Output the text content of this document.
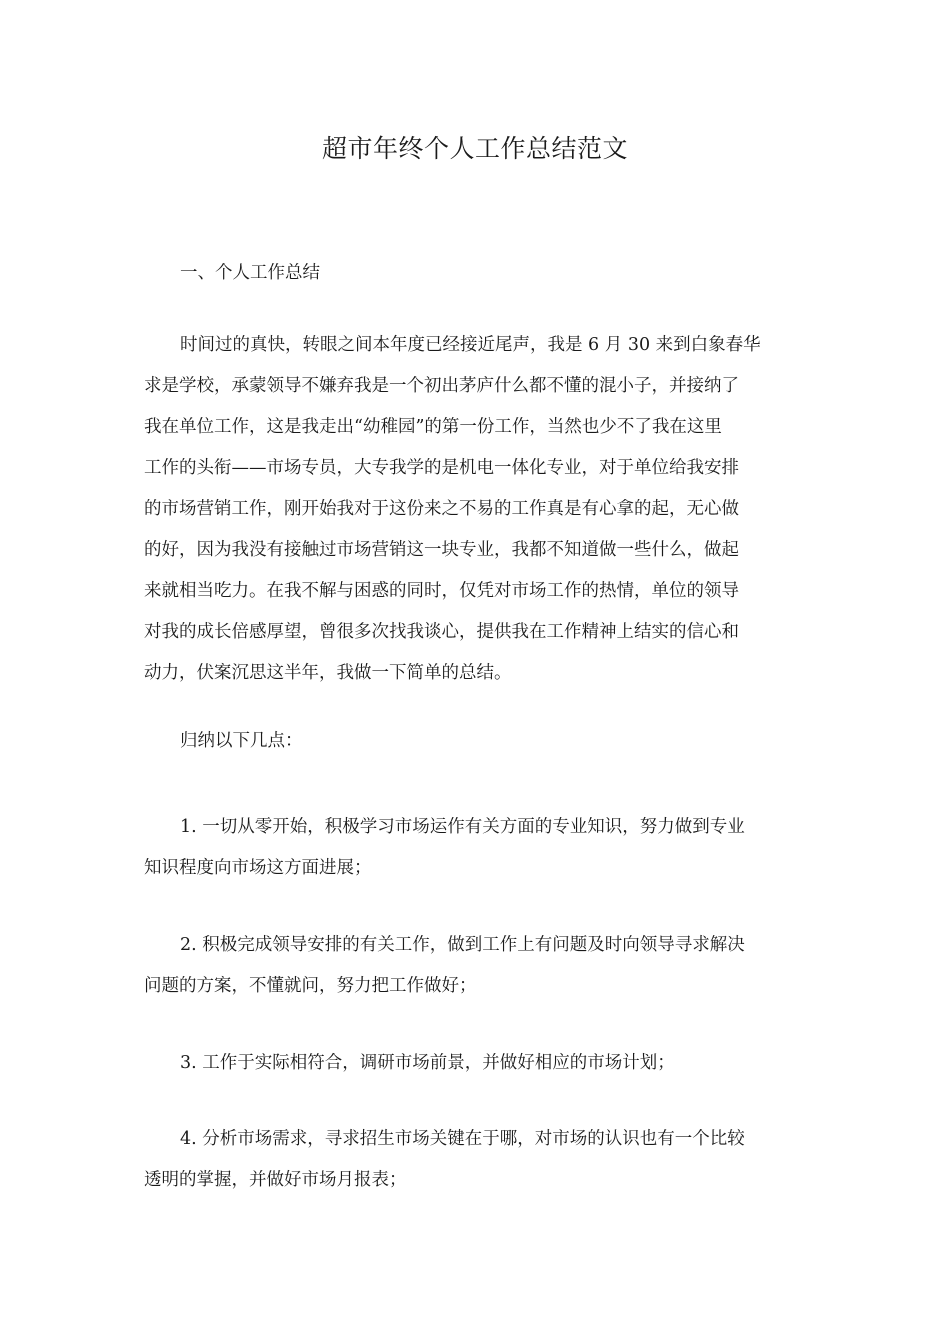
超市年终个人工作总结范文
一、个人工作总结
时间过的真快，转眼之间本年度已经接近尾声，我是 6 月 30 来到白象春华
求是学校，承蒙领导不嫌弃我是一个初出茅庐什么都不懂的混小子，并接纳了
我在单位工作，这是我走出“幼稚园”的第一份工作，当然也少不了我在这里
工作的头衔——市场专员，大专我学的是机电一体化专业，对于单位给我安排
的市场营销工作，刚开始我对于这份来之不易的工作真是有心拿的起，无心做
的好，因为我没有接触过市场营销这一块专业，我都不知道做一些什么，做起
来就相当吃力。在我不解与困惑的同时，仅凭对市场工作的热情，单位的领导
对我的成长倍感厚望，曾很多次找我谈心，提供我在工作精神上结实的信心和
动力，伏案沉思这半年，我做一下简单的总结。
归纳以下几点：
1. 一切从零开始，积极学习市场运作有关方面的专业知识，努力做到专业
知识程度向市场这方面进展；
2. 积极完成领导安排的有关工作，做到工作上有问题及时向领导寻求解决
问题的方案，不懂就问，努力把工作做好；
3. 工作于实际相符合，调研市场前景，并做好相应的市场计划；
4. 分析市场需求，寻求招生市场关键在于哪，对市场的认识也有一个比较
透明的掌握，并做好市场月报表；
